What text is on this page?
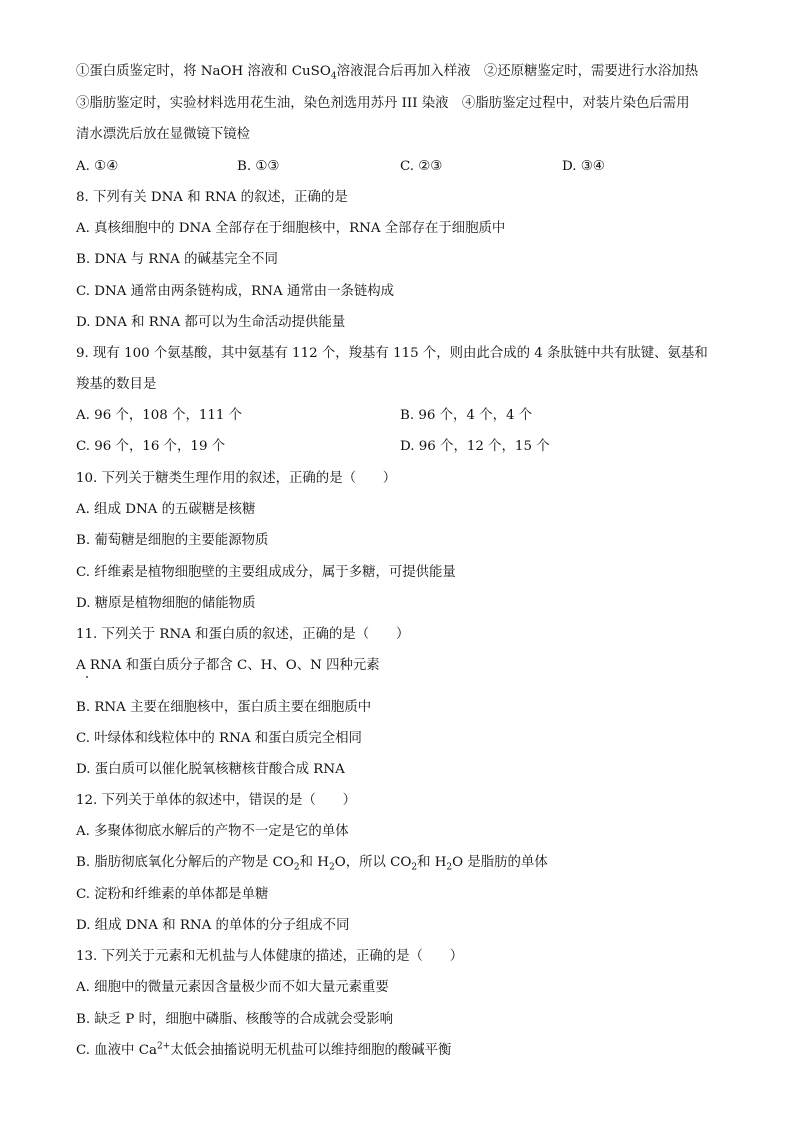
①蛋白质鉴定时，将 NaOH 溶液和 CuSO$_4$溶液混合后再加入样液　②还原糖鉴定时，需要进行水浴加热
③脂肪鉴定时，实验材料选用花生油，染色剂选用苏丹 III 染液　④脂肪鉴定过程中，对装片染色后需用
清水漂洗后放在显微镜下镜检
A. ①④	B. ①③	C. ②③	D. ③④
8. 下列有关 DNA 和 RNA 的叙述，正确的是
A. 真核细胞中的 DNA 全部存在于细胞核中，RNA 全部存在于细胞质中
B. DNA 与 RNA 的碱基完全不同
C. DNA 通常由两条链构成，RNA 通常由一条链构成
D. DNA 和 RNA 都可以为生命活动提供能量
9. 现有 100 个氨基酸，其中氨基有 112 个，羧基有 115 个，则由此合成的 4 条肽链中共有肽键、氨基和
羧基的数目是
A. 96 个，108 个，111 个	B. 96 个，4 个，4 个
C. 96 个，16 个，19 个	D. 96 个，12 个，15 个
10. 下列关于糖类生理作用的叙述，正确的是（　　）
A. 组成 DNA 的五碳糖是核糖
B. 葡萄糖是细胞的主要能源物质
C. 纤维素是植物细胞壁的主要组成成分，属于多糖，可提供能量
D. 糖原是植物细胞的储能物质
11. 下列关于 RNA 和蛋白质的叙述，正确的是（　　）
A RNA 和蛋白质分子都含 C、H、O、N 四种元素
B. RNA 主要在细胞核中，蛋白质主要在细胞质中
C. 叶绿体和线粒体中的 RNA 和蛋白质完全相同
D. 蛋白质可以催化脱氧核糖核苷酸合成 RNA
12. 下列关于单体的叙述中，错误的是（　　）
A. 多聚体彻底水解后的产物不一定是它的单体
B. 脂肪彻底氧化分解后的产物是 $CO_2$和 $H_2O$，所以 $CO_2$和 $H_2O$ 是脂肪的单体
C. 淀粉和纤维素的单体都是单糖
D. 组成 DNA 和 RNA 的单体的分子组成不同
13. 下列关于元素和无机盐与人体健康的描述，正确的是（　　）
A. 细胞中的微量元素因含量极少而不如大量元素重要
B. 缺乏 P 时，细胞中磷脂、核酸等的合成就会受影响
C. 血液中 $Ca^{2+}$太低会抽搐说明无机盐可以维持细胞的酸碱平衡
